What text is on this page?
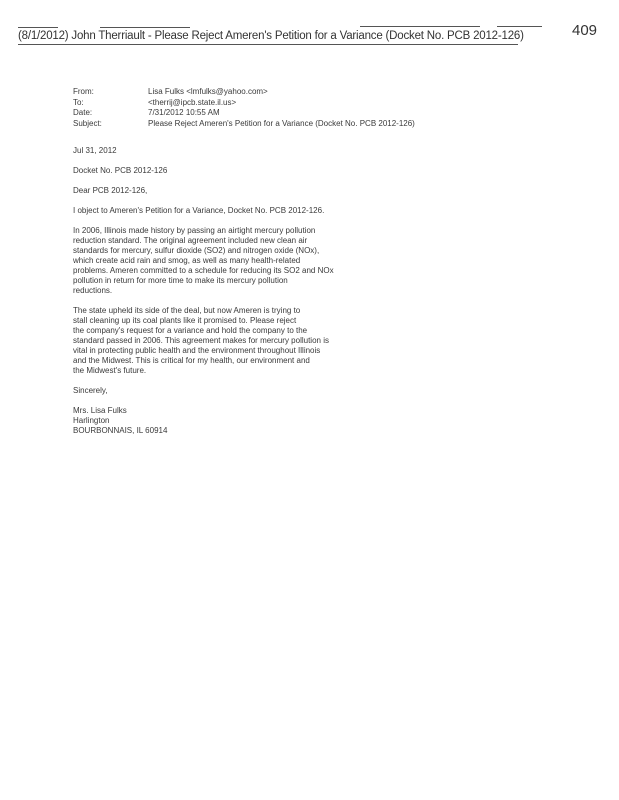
(8/1/2012) John Therriault - Please Reject Ameren's Petition for a Variance (Docket No. PCB 2012-126)	409
From:	Lisa Fulks <lmfulks@yahoo.com>
To:	<therrij@ipcb.state.il.us>
Date:	7/31/2012 10:55 AM
Subject:	Please Reject Ameren's Petition for a Variance (Docket No. PCB 2012-126)

Jul 31, 2012

Docket No. PCB 2012-126

Dear PCB 2012-126,

I object to Ameren's Petition for a Variance, Docket No. PCB 2012-126.

In 2006, Illinois made history by passing an airtight mercury pollution
reduction standard. The original agreement included new clean air
standards for mercury, sulfur dioxide (SO2) and nitrogen oxide (NOx),
which create acid rain and smog, as well as many health-related
problems. Ameren committed to a schedule for reducing its SO2 and NOx
pollution in return for more time to make its mercury pollution
reductions.

The state upheld its side of the deal, but now Ameren is trying to
stall cleaning up its coal plants like it promised to. Please reject
the company's request for a variance and hold the company to the
standard passed in 2006. This agreement makes for mercury pollution is
vital in protecting public health and the environment throughout Illinois
and the Midwest. This is critical for my health, our environment and
the Midwest's future.

Sincerely,

Mrs. Lisa Fulks
Harlington
BOURBONNAIS, IL 60914
